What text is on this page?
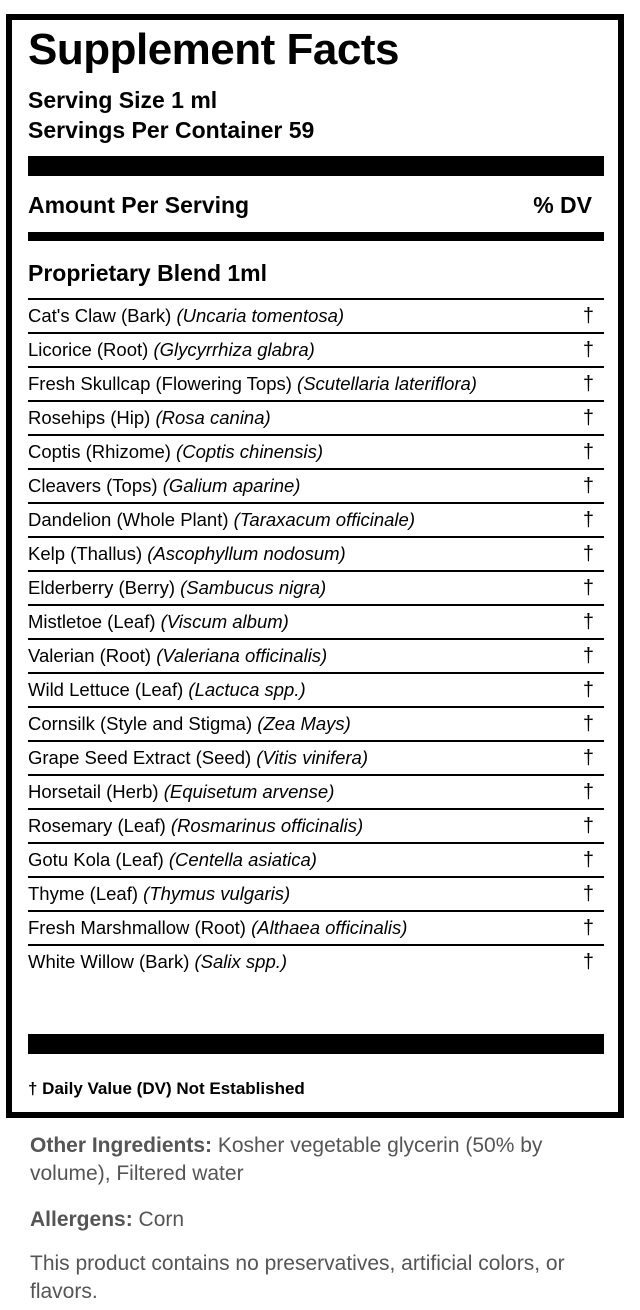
Supplement Facts
Serving Size 1 ml
Servings Per Container 59
Amount Per Serving	% DV
Proprietary Blend 1ml
Cat's Claw (Bark) (Uncaria tomentosa)	†
Licorice (Root) (Glycyrrhiza glabra)	†
Fresh Skullcap (Flowering Tops) (Scutellaria lateriflora)	†
Rosehips (Hip) (Rosa canina)	†
Coptis (Rhizome) (Coptis chinensis)	†
Cleavers (Tops) (Galium aparine)	†
Dandelion (Whole Plant) (Taraxacum officinale)	†
Kelp (Thallus) (Ascophyllum nodosum)	†
Elderberry (Berry) (Sambucus nigra)	†
Mistletoe (Leaf) (Viscum album)	†
Valerian (Root) (Valeriana officinalis)	†
Wild Lettuce (Leaf) (Lactuca spp.)	†
Cornsilk (Style and Stigma) (Zea Mays)	†
Grape Seed Extract (Seed) (Vitis vinifera)	†
Horsetail (Herb) (Equisetum arvense)	†
Rosemary (Leaf) (Rosmarinus officinalis)	†
Gotu Kola (Leaf) (Centella asiatica)	†
Thyme (Leaf) (Thymus vulgaris)	†
Fresh Marshmallow (Root) (Althaea officinalis)	†
White Willow (Bark) (Salix spp.)	†
† Daily Value (DV) Not Established
Other Ingredients: Kosher vegetable glycerin (50% by volume), Filtered water
Allergens: Corn
This product contains no preservatives, artificial colors, or flavors.
